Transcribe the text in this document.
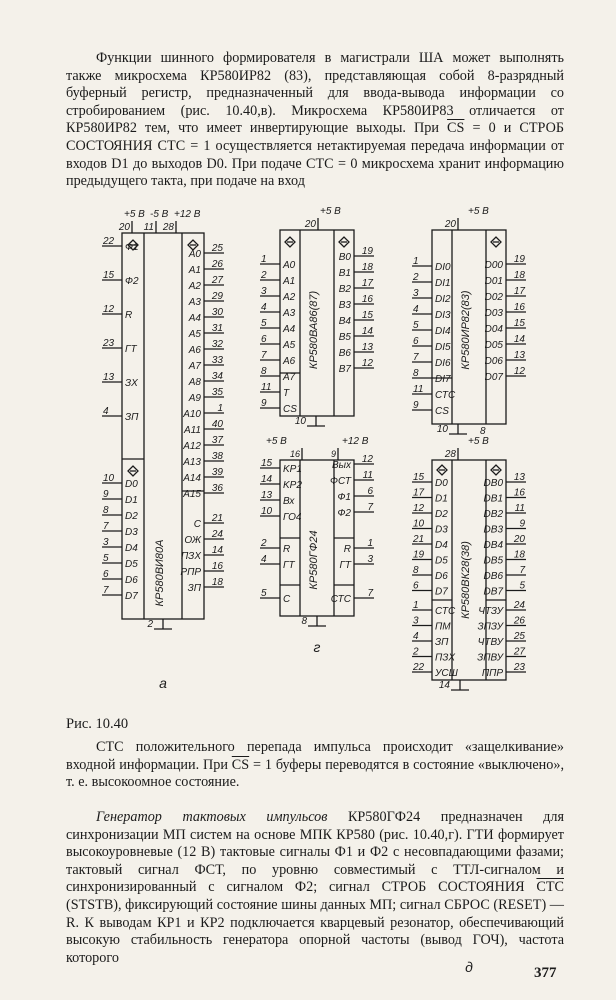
Функции шинного формирователя в магистрали ША может выполнять также микросхема КР580ИР82 (83), представляющая собой 8-разрядный буферный регистр, предназначенный для ввода-вывода информации со стробированием (рис. 10.40,в). Микросхема КР580ИР83 отличается от КР580ИР82 тем, что имеет инвертирующие выходы. При $\overline{CS} = 0$ и СТРОБ СОСТОЯНИЯ СТС = 1 осуществляется нетактируемая передача информации от входов D1 до выходов D0. При подаче СТС = 0 микросхема хранит информацию предыдущего такта, при подаче на вход

20 11 28
+5 В -5 В +12 В
2
22
Ф1
15
Ф2
12
R
23
ГТ
13
ЗХ
4
ЗП
10
D0
9
D1
8
D2
7
D3
3
D4
5
D5
6
D6
7
D7
25
A0
26
A1
27
A2
29
A3
30
A4
31
A5
32
A6
33
A7
34
A8
35
A9
1
A10
40
A11
37
A12
38
A13
39
A14
36
A15
21
C
24
ОЖ
14
ПЗХ
16
РПР
18
ЗП
КР580ВИ80А
а
20
+5 В
10
1
A0
2
A1
3
A2
4
A3
5
A4
6
A5
7
A6
8
A7
11
T
9
CS
19
B0
18
B1
17
B2
16
B3
15
B4
14
B5
13
B6
12
B7
КР580ВА86(87)
20
+5 В
10	8
1
DI0
2
DI1
3
DI2
4
DI3
5
DI4
6
DI5
7
DI6
8
DI7
11
СТС
9
CS
19
D00
18
D01
17
D02
16
D03
15
D04
14
D05
13
D06
12
D07
КР580ИР82(83)
16	9
+5 В	+12 В
8
15
KP1
14
KP2
13
Вх
10
ГО4
2
R
4
ГТ
5
С
12
Вых
11
ФСТ
6
Ф1
7
Ф2
1
R
3
ГТ
7
СТС
КР580ГФ24
г
28
+5 В
14
15
D0
17
D1
12
D2
10
D3
21
D4
19
D5
8
D6
6
D7
1
СТС
3
ПМ
4
ЗП
2
ПЗХ
22
УСШ
13
DB0
16
DB1
11
DB2
9
DB3
20
DB4
18
DB5
7
DB6
5
DB7
24
ЧТЗУ
26
ЗПЗУ
25
ЧТВУ
27
ЗПВУ
23
ППР
КР580ВК28(38)
д
Рис. 10.40

СТС положительного перепада импульса происходит «защелкивание» входной информации. При $\overline{CS} = 1$ буферы переводятся в состояние «выключено», т. е. высокоомное состояние.

Генератор тактовых импульсов КР580ГФ24 предназначен для синхронизации МП систем на основе МПК КР580 (рис. 10.40,г). ГТИ формирует высокоуровневые (12 В) тактовые сигналы Ф1 и Ф2 с несовпадающими фазами; тактовый сигнал ФСТ, по уровню совместимый с ТТЛ-сигналом и синхронизированный с сигналом Ф2; сигнал СТРОБ СОСТОЯНИЯ СТС (STSTB), фиксирующий состояние шины данных МП; сигнал СБРОС (RESET) — R. К выводам КР1 и КР2 подключается кварцевый резонатор, обеспечивающий высокую стабильность генератора опорной частоты (вывод ГОЧ), частота которого

377
